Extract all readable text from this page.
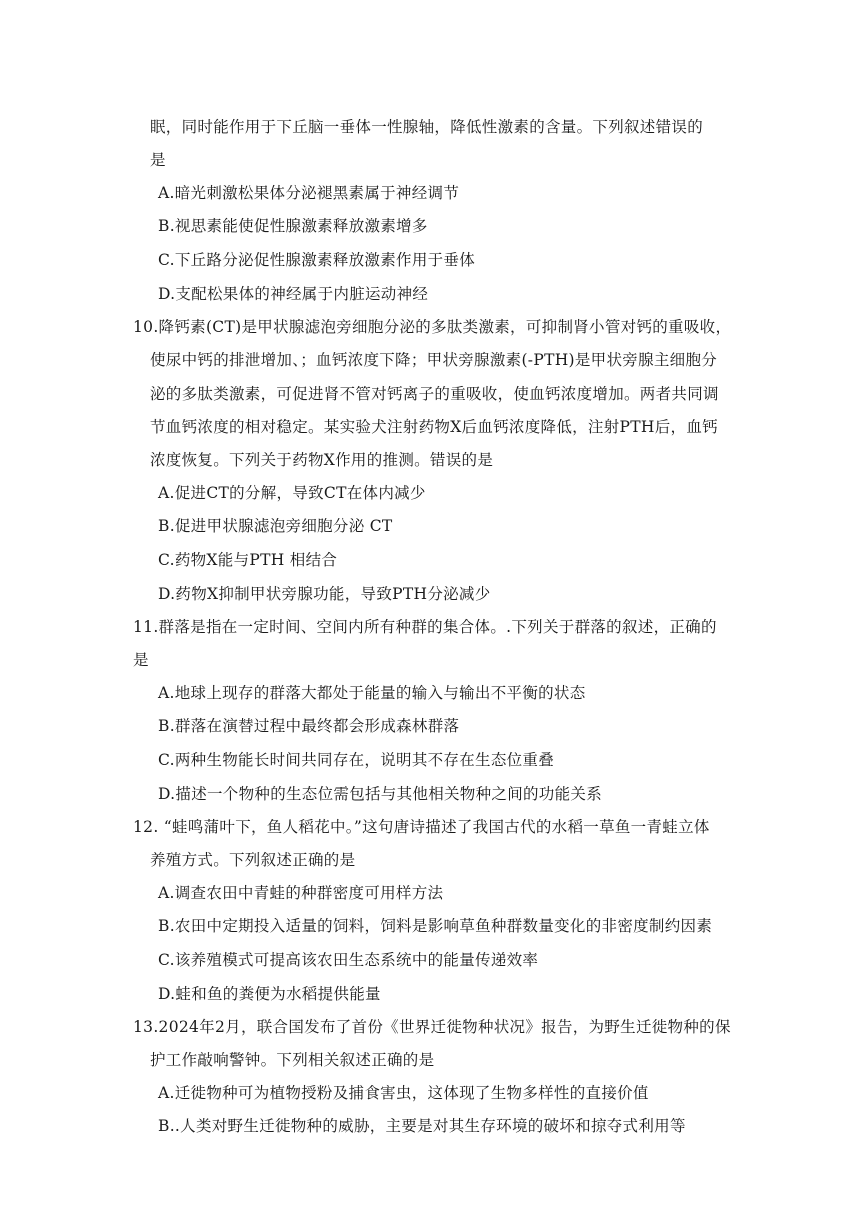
眠，同时能作用于下丘脑一垂体一性腺轴，降低性激素的含量。下列叙述错误的
是
A.暗光刺激松果体分泌褪黑素属于神经调节
B.视思素能使促性腺激素释放激素增多
C.下丘路分泌促性腺激素释放激素作用于垂体
D.支配松果体的神经属于内脏运动神经
10.降钙素(CT)是甲状腺滤泡旁细胞分泌的多肽类激素，可抑制肾小管对钙的重吸收，
使尿中钙的排泄增加、；血钙浓度下降；甲状旁腺激素(-PTH)是甲状旁腺主细胞分
泌的多肽类激素，可促进肾不管对钙离子的重吸收，使血钙浓度增加。两者共同调
节血钙浓度的相对稳定。某实验犬注射药物X后血钙浓度降低，注射PTH后，血钙
浓度恢复。下列关于药物X作用的推测。错误的是
A.促进CT的分解，导致CT在体内减少
B.促进甲状腺滤泡旁细胞分泌 CT
C.药物X能与PTH 相结合
D.药物X抑制甲状旁腺功能，导致PTH分泌减少
11.群落是指在一定时间、空间内所有种群的集合体。.下列关于群落的叙述，正确的
是
A.地球上现存的群落大都处于能量的输入与输出不平衡的状态
B.群落在演替过程中最终都会形成森林群落
C.两种生物能长时间共同存在，说明其不存在生态位重叠
D.描述一个物种的生态位需包括与其他相关物种之间的功能关系
12. “蛙鸣蒲叶下，鱼人稻花中。”这句唐诗描述了我国古代的水稻一草鱼一青蛙立体
养殖方式。下列叙述正确的是
A.调查农田中青蛙的种群密度可用样方法
B.农田中定期投入适量的饲料，饲料是影响草鱼种群数量变化的非密度制约因素
C.该养殖模式可提高该农田生态系统中的能量传递效率
D.蛙和鱼的粪便为水稻提供能量
13.2024年2月，联合国发布了首份《世界迁徙物种状况》报告，为野生迁徙物种的保
护工作敲响警钟。下列相关叙述正确的是
A.迁徙物种可为植物授粉及捕食害虫，这体现了生物多样性的直接价值
B..人类对野生迁徙物种的威胁，主要是对其生存环境的破坏和掠夺式利用等
